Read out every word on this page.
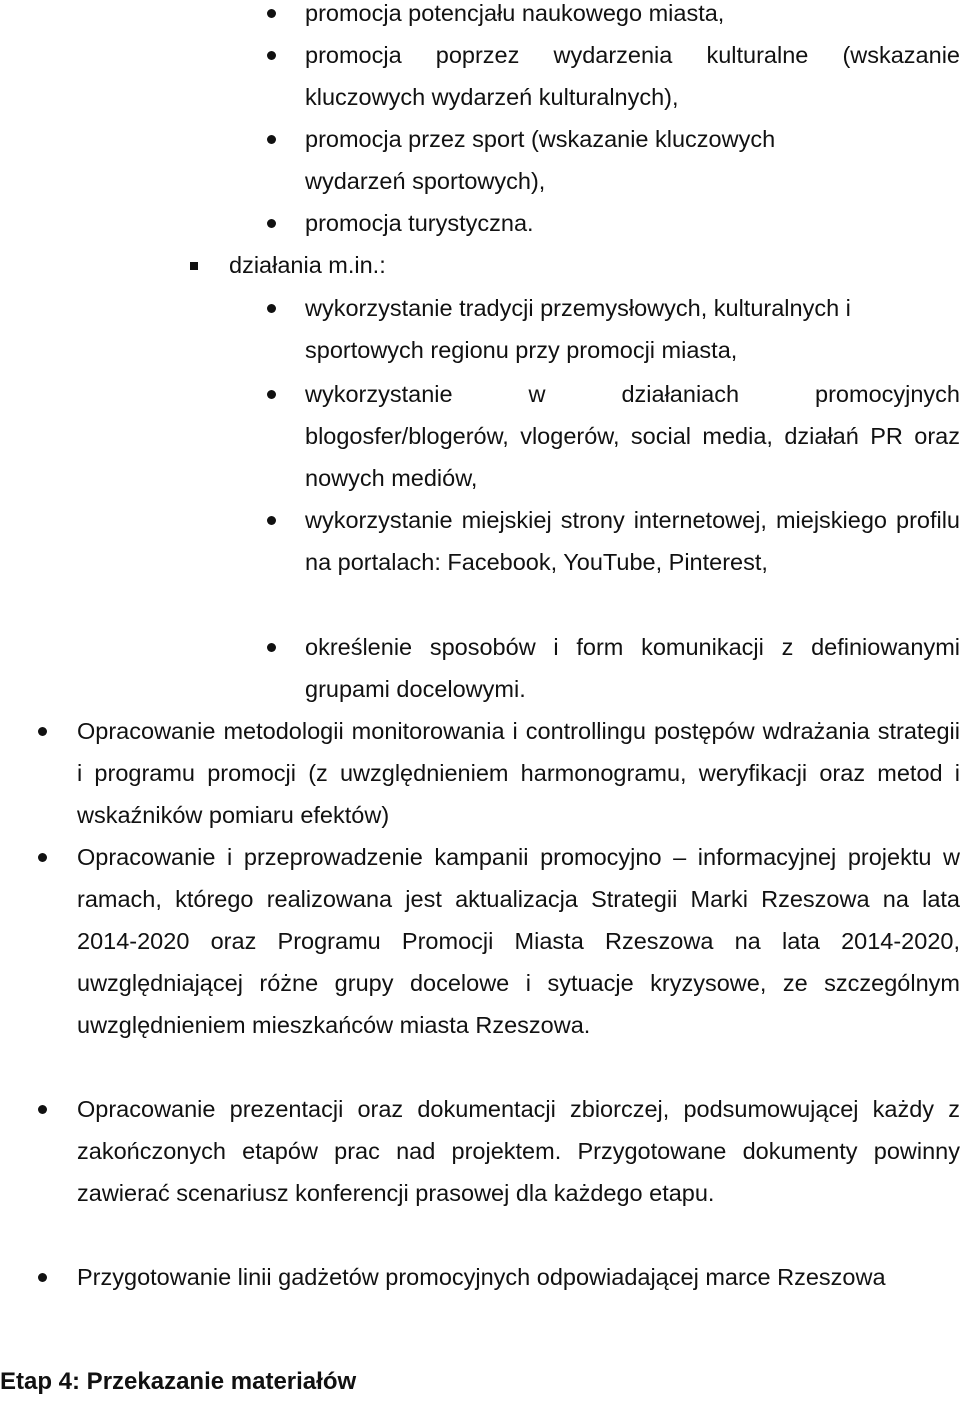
promocja potencjału naukowego miasta,

promocja poprzez wydarzenia kulturalne (wskazanie kluczowych wydarzeń kulturalnych),

promocja przez sport (wskazanie kluczowych wydarzeń sportowych),

promocja turystyczna.

działania m.in.:

wykorzystanie tradycji przemysłowych, kulturalnych i sportowych regionu przy promocji miasta,

wykorzystanie w działaniach promocyjnych blogosfer/blogerów, vlogerów, social media, działań PR oraz nowych mediów,

wykorzystanie miejskiej strony internetowej, miejskiego profilu na portalach: Facebook, YouTube, Pinterest,

określenie sposobów i form komunikacji z definiowanymi grupami docelowymi.

Opracowanie metodologii monitorowania i controllingu postępów wdrażania strategii i programu promocji (z uwzględnieniem harmonogramu, weryfikacji oraz metod i wskaźników pomiaru efektów)

Opracowanie i przeprowadzenie kampanii promocyjno – informacyjnej projektu w ramach, którego realizowana jest aktualizacja Strategii Marki Rzeszowa na lata 2014-2020 oraz Programu Promocji Miasta Rzeszowa na lata 2014-2020, uwzględniającej różne grupy docelowe i sytuacje kryzysowe, ze szczególnym uwzględnieniem mieszkańców miasta Rzeszowa.

Opracowanie prezentacji oraz dokumentacji zbiorczej, podsumowującej każdy z zakończonych etapów prac nad projektem. Przygotowane dokumenty powinny zawierać scenariusz konferencji prasowej dla każdego etapu.

Przygotowanie linii gadżetów promocyjnych odpowiadającej marce Rzeszowa

Etap 4: Przekazanie materiałów
